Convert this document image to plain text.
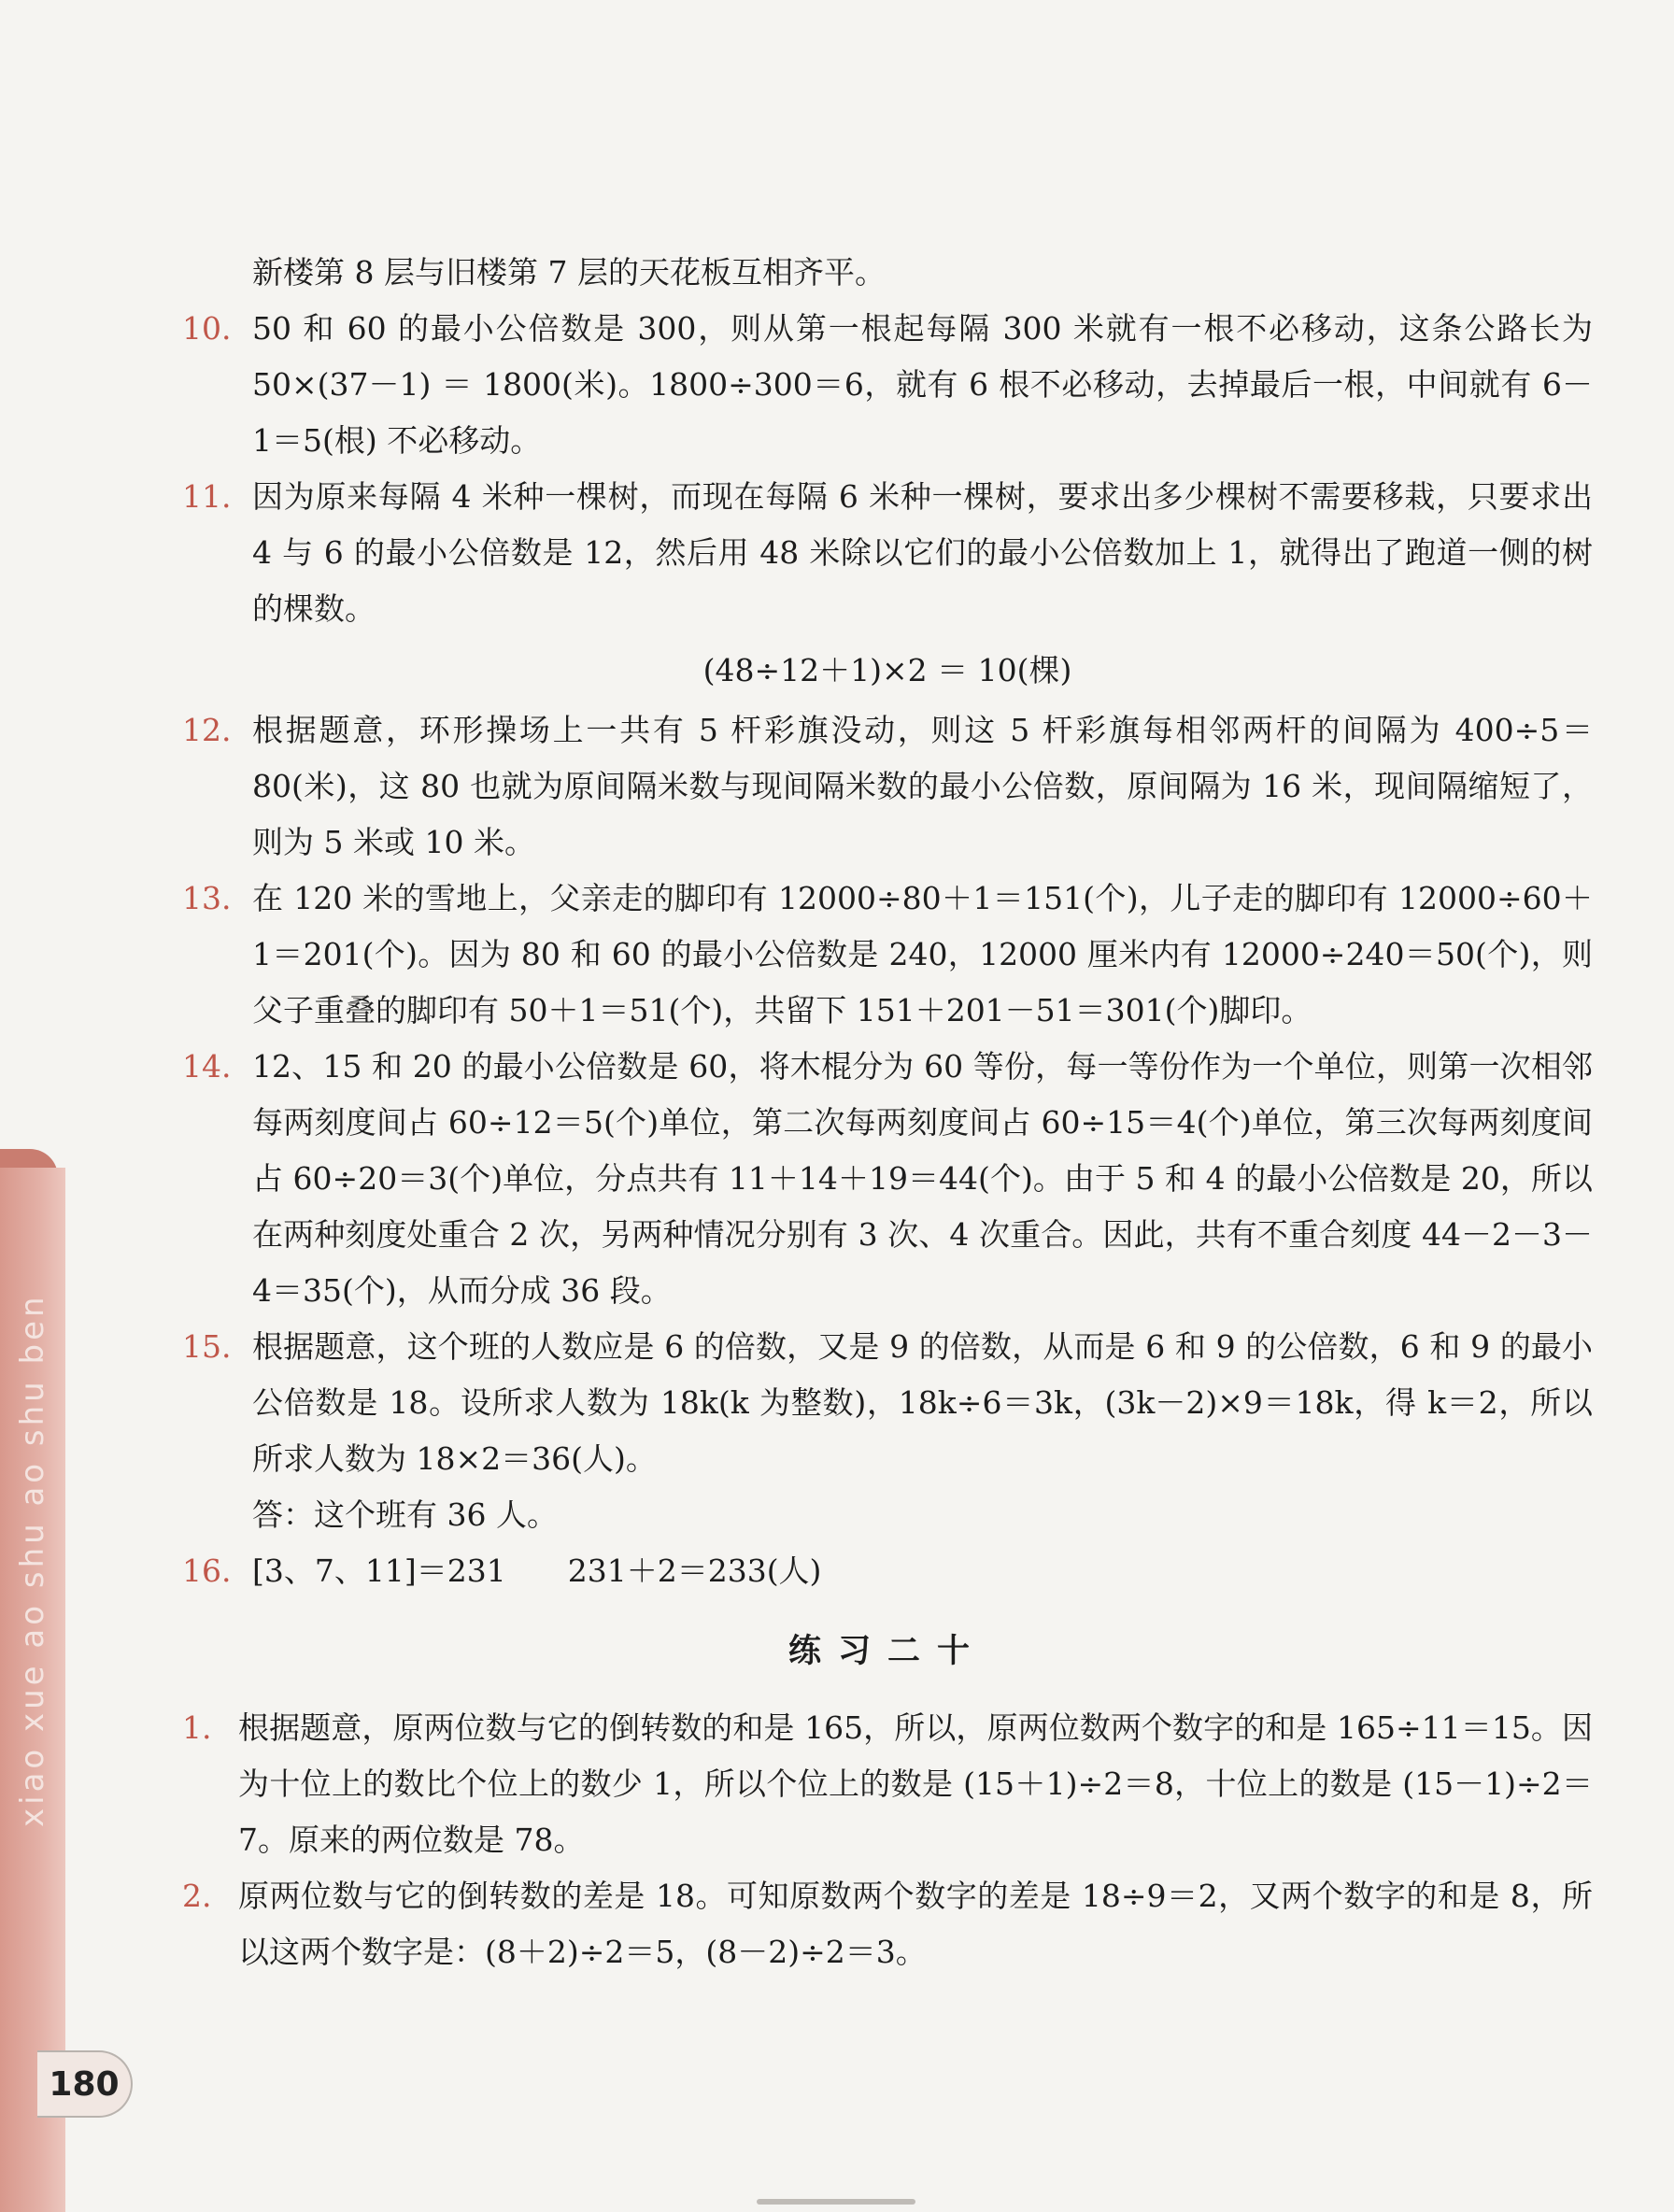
xiao xue ao shu ao shu ben

新楼第 8 层与旧楼第 7 层的天花板互相齐平。

10. 50 和 60 的最小公倍数是 300，则从第一根起每隔 300 米就有一根不必移动，这条公路长为 50×(37－1) ＝ 1800(米)。1800÷300＝6，就有 6 根不必移动，去掉最后一根，中间就有 6－1＝5(根) 不必移动。

11. 因为原来每隔 4 米种一棵树，而现在每隔 6 米种一棵树，要求出多少棵树不需要移栽，只要求出 4 与 6 的最小公倍数是 12，然后用 48 米除以它们的最小公倍数加上 1，就得出了跑道一侧的树的棵数。

(48÷12＋1)×2 ＝ 10(棵)

12. 根据题意，环形操场上一共有 5 杆彩旗没动，则这 5 杆彩旗每相邻两杆的间隔为 400÷5＝80(米)，这 80 也就为原间隔米数与现间隔米数的最小公倍数，原间隔为 16 米，现间隔缩短了，则为 5 米或 10 米。

13. 在 120 米的雪地上，父亲走的脚印有 12000÷80＋1＝151(个)，儿子走的脚印有 12000÷60＋1＝201(个)。因为 80 和 60 的最小公倍数是 240，12000 厘米内有 12000÷240＝50(个)，则父子重叠的脚印有 50＋1＝51(个)，共留下 151＋201－51＝301(个)脚印。

14. 12、15 和 20 的最小公倍数是 60，将木棍分为 60 等份，每一等份作为一个单位，则第一次相邻每两刻度间占 60÷12＝5(个)单位，第二次每两刻度间占 60÷15＝4(个)单位，第三次每两刻度间占 60÷20＝3(个)单位，分点共有 11＋14＋19＝44(个)。由于 5 和 4 的最小公倍数是 20，所以在两种刻度处重合 2 次，另两种情况分别有 3 次、4 次重合。因此，共有不重合刻度 44－2－3－4＝35(个)，从而分成 36 段。

15. 根据题意，这个班的人数应是 6 的倍数，又是 9 的倍数，从而是 6 和 9 的公倍数，6 和 9 的最小公倍数是 18。设所求人数为 18k(k 为整数)，18k÷6＝3k，(3k－2)×9＝18k，得 k＝2，所以所求人数为 18×2＝36(人)。

答：这个班有 36 人。

16. [3、7、11]＝231　　231＋2＝233(人)

练习二十
1. 根据题意，原两位数与它的倒转数的和是 165，所以，原两位数两个数字的和是 165÷11＝15。因为十位上的数比个位上的数少 1，所以个位上的数是 (15＋1)÷2＝8，十位上的数是 (15－1)÷2＝7。原来的两位数是 78。

2. 原两位数与它的倒转数的差是 18。可知原数两个数字的差是 18÷9＝2，又两个数字的和是 8，所以这两个数字是：(8＋2)÷2＝5，(8－2)÷2＝3。

180
